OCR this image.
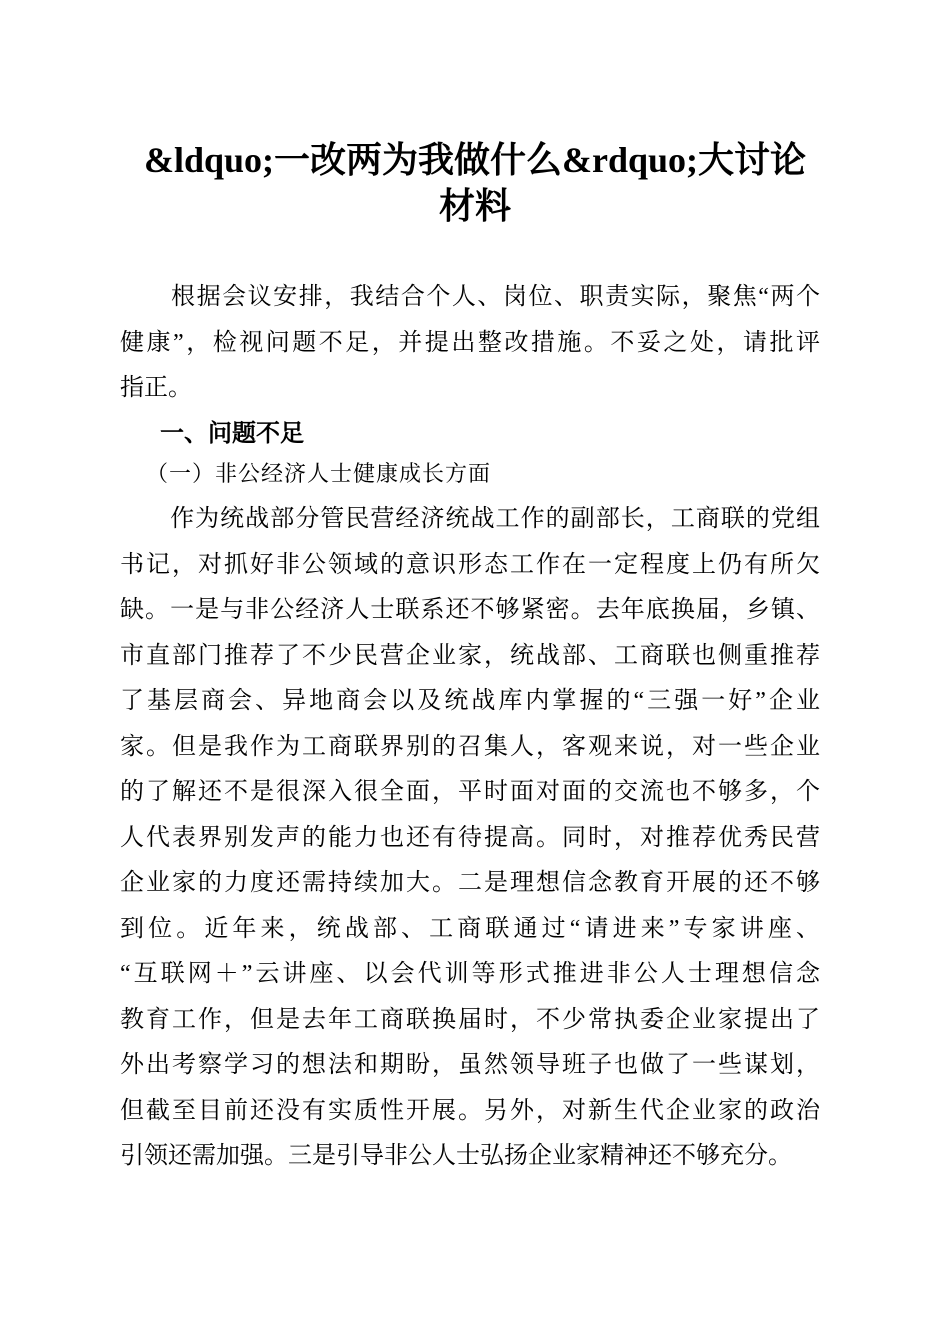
&ldquo;一改两为我做什么&rdquo;大讨论
材料
　　根据会议安排，我结合个人、岗位、职责实际，聚焦“两个
健康”，检视问题不足，并提出整改措施。不妥之处，请批评
指正。
一、问题不足
（一）非公经济人士健康成长方面
　　作为统战部分管民营经济统战工作的副部长，工商联的党组
书记，对抓好非公领域的意识形态工作在一定程度上仍有所欠
缺。一是与非公经济人士联系还不够紧密。去年底换届，乡镇、
市直部门推荐了不少民营企业家，统战部、工商联也侧重推荐
了基层商会、异地商会以及统战库内掌握的“三强一好”企业
家。但是我作为工商联界别的召集人，客观来说，对一些企业
的了解还不是很深入很全面，平时面对面的交流也不够多，个
人代表界别发声的能力也还有待提高。同时，对推荐优秀民营
企业家的力度还需持续加大。二是理想信念教育开展的还不够
到位。近年来，统战部、工商联通过“请进来”专家讲座、
“互联网＋”云讲座、以会代训等形式推进非公人士理想信念
教育工作，但是去年工商联换届时，不少常执委企业家提出了
外出考察学习的想法和期盼，虽然领导班子也做了一些谋划，
但截至目前还没有实质性开展。另外，对新生代企业家的政治
引领还需加强。三是引导非公人士弘扬企业家精神还不够充分。
